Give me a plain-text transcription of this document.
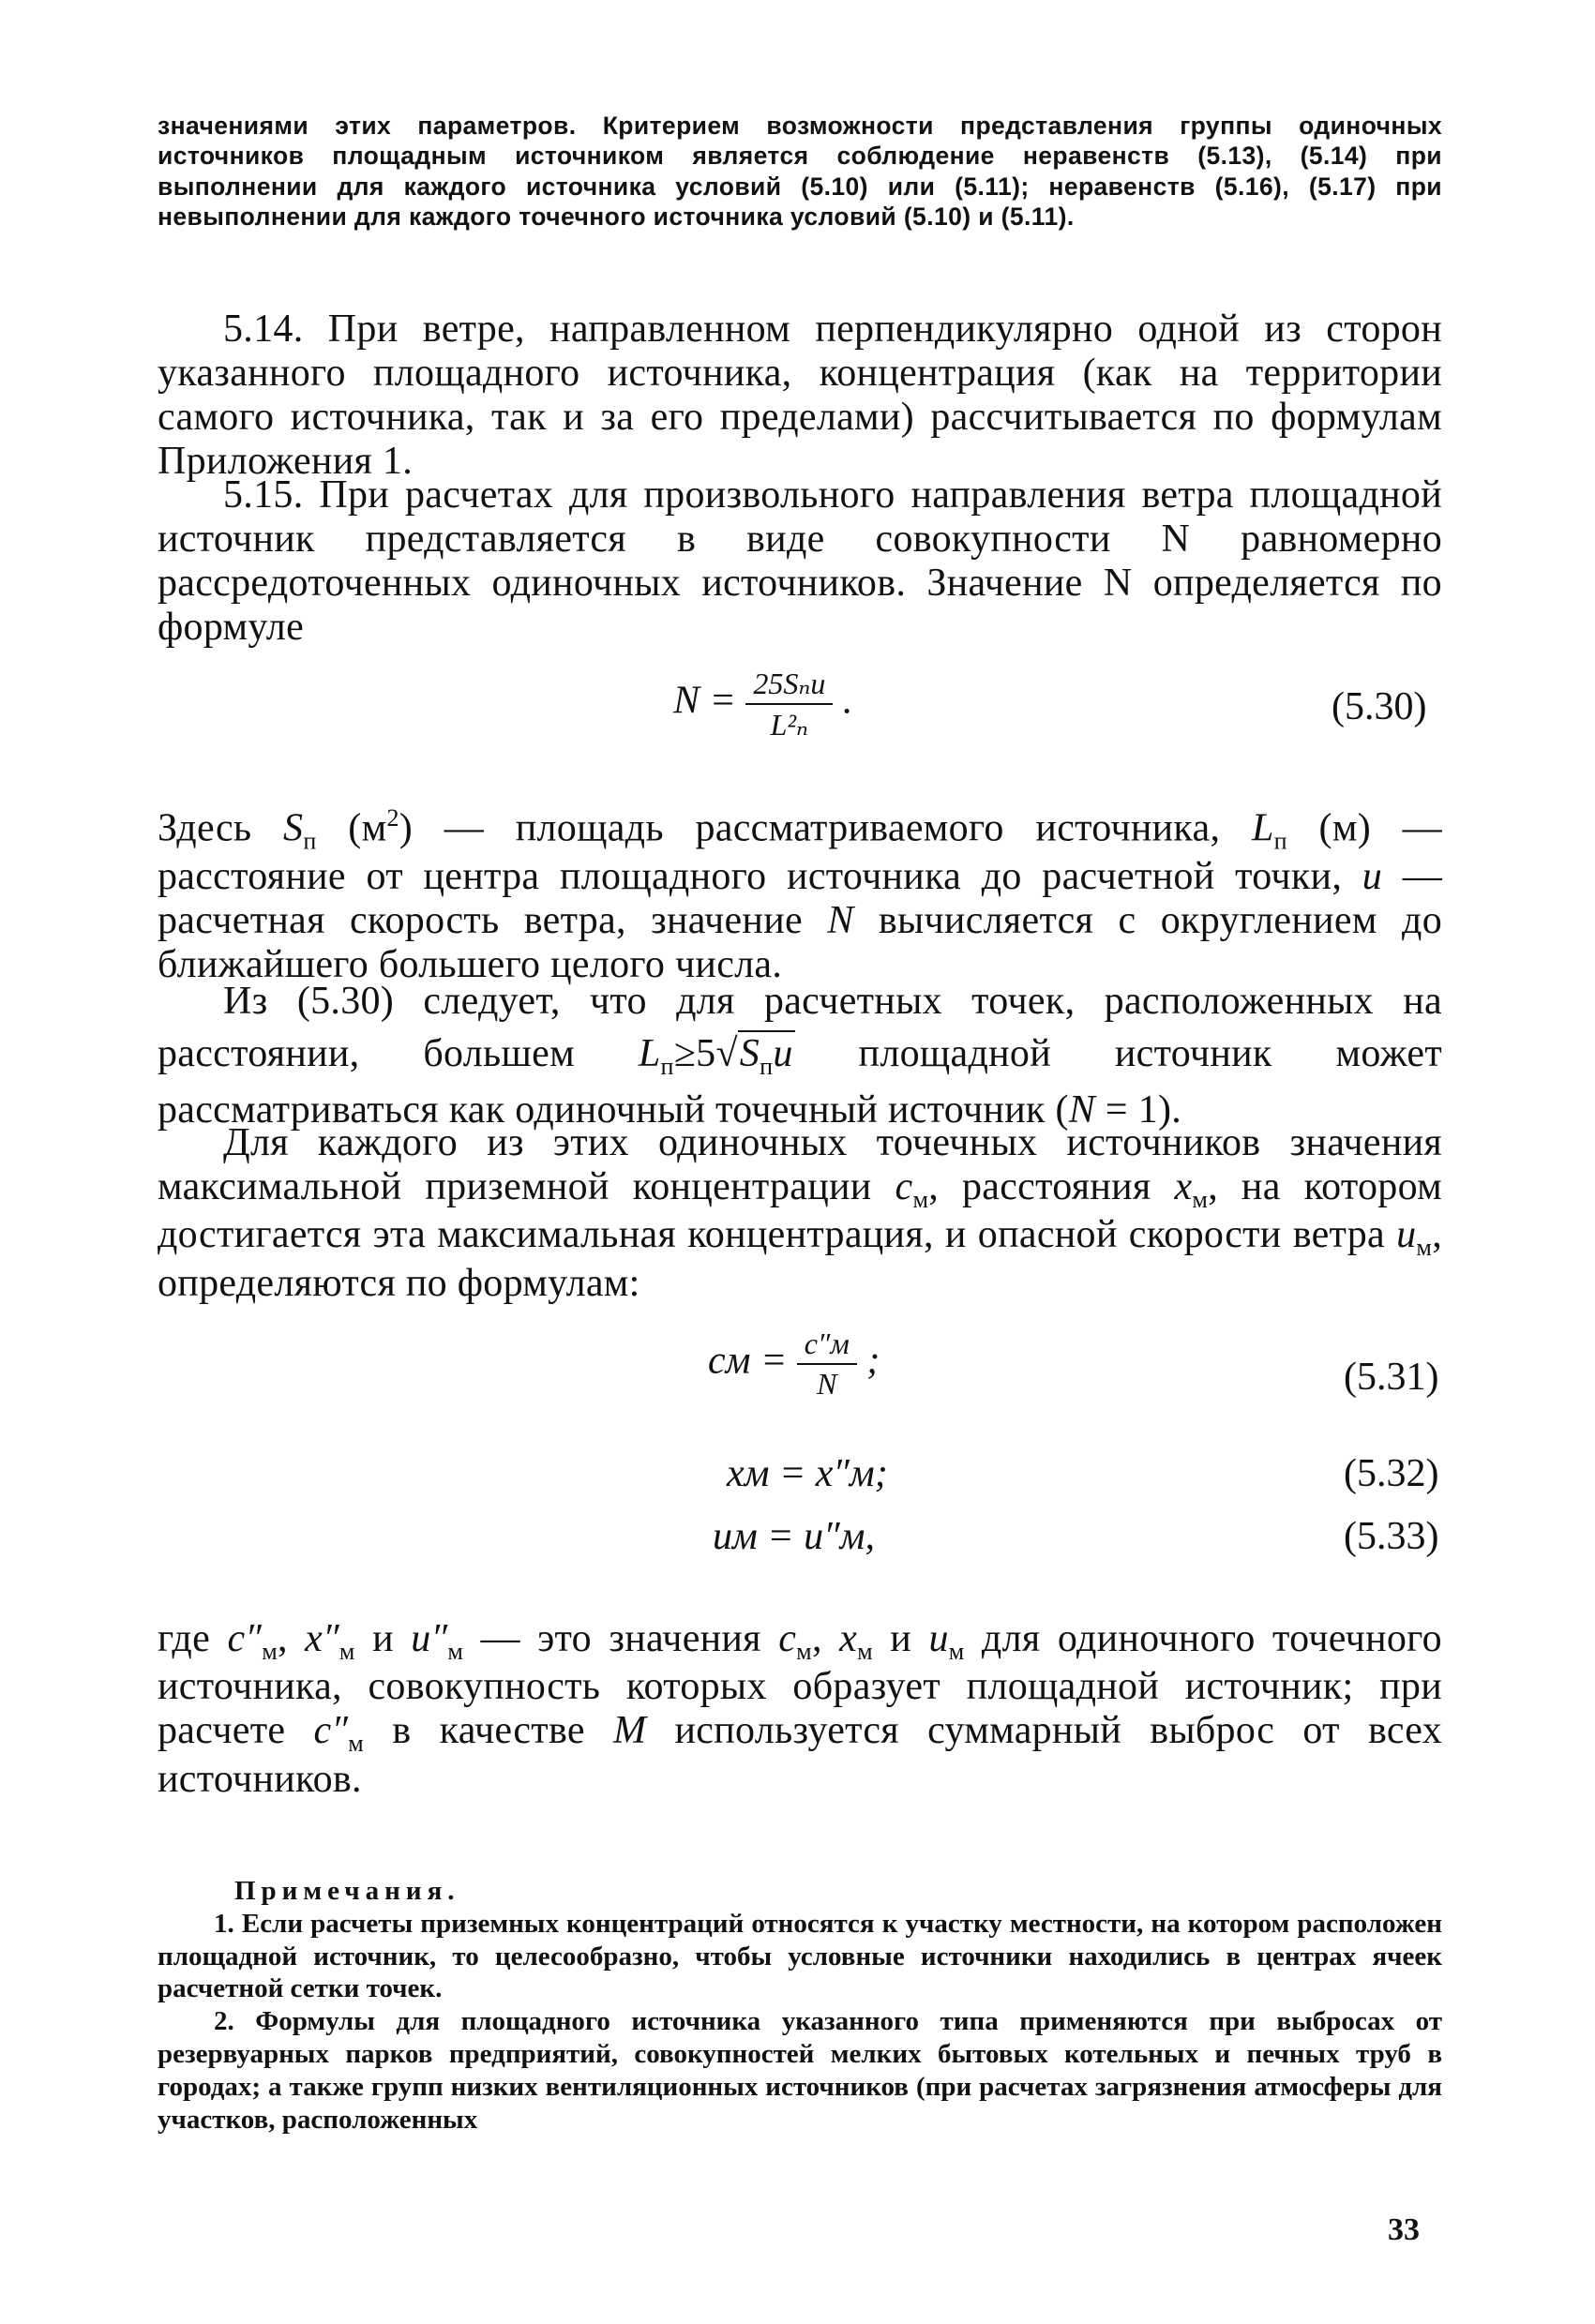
значениями этих параметров. Критерием возможности представления группы одиночных источников площадным источником является соблюдение неравенств (5.13), (5.14) при выполнении для каждого источника условий (5.10) или (5.11); неравенств (5.16), (5.17) при невыполнении для каждого точечного источника условий (5.10) и (5.11).

5.14. При ветре, направленном перпендикулярно одной из сторон указанного площадного источника, концентрация (как на территории самого источника, так и за его пределами) рассчитывается по формулам Приложения 1.

5.15. При расчетах для произвольного направления ветра площадной источник представляется в виде совокупности N равномерно рассредоточенных одиночных источников. Значение N определяется по формуле

$N = \frac{\text{25Sₙu}}{\text{L²ₙ}}$ .	(5.30)

Здесь $S_п$ $(м^2)$ — площадь рассматриваемого источника, $L_п$ (м) — расстояние от центра площадного источника до расчетной точки, u — расчетная скорость ветра, значение N вычисляется с округлением до ближайшего большего целого числа.

Из (5.30) следует, что для расчетных точек, расположенных на расстоянии, большем $L_п\ge 5√S_пu$ площадной источник может рассматриваться как одиночный точечный источник (N = 1).

Для каждого из этих одиночных точечных источников значения максимальной приземной концентрации $c_м$, расстояния $x_м$, на котором достигается эта максимальная концентрация, и опасной скорости ветра $u_м$, определяются по формулам:

cм = $\frac{c''м}{N}$ ;	(5.31)
xм = x″м;	(5.32)
uм = u″м,	(5.33)

где $c''_м$, $x''_м$ и $u''_м$ — это значения $c_м$, $x_м$ и $u_м$ для одиночного точечного источника, совокупность которых образует площадной источник; при расчете $c''_м$ в качестве M используется суммарный выброс от всех источников.

Примечания.

1. Если расчеты приземных концентраций относятся к участку местности, на котором расположен площадной источник, то целесообразно, чтобы условные источники находились в центрах ячеек расчетной сетки точек.

2. Формулы для площадного источника указанного типа применяются при выбросах от резервуарных парков предприятий, совокупностей мелких бытовых котельных и печных труб в городах; а также групп низких вентиляционных источников (при расчетах загрязнения атмосферы для участков, расположенных

33
